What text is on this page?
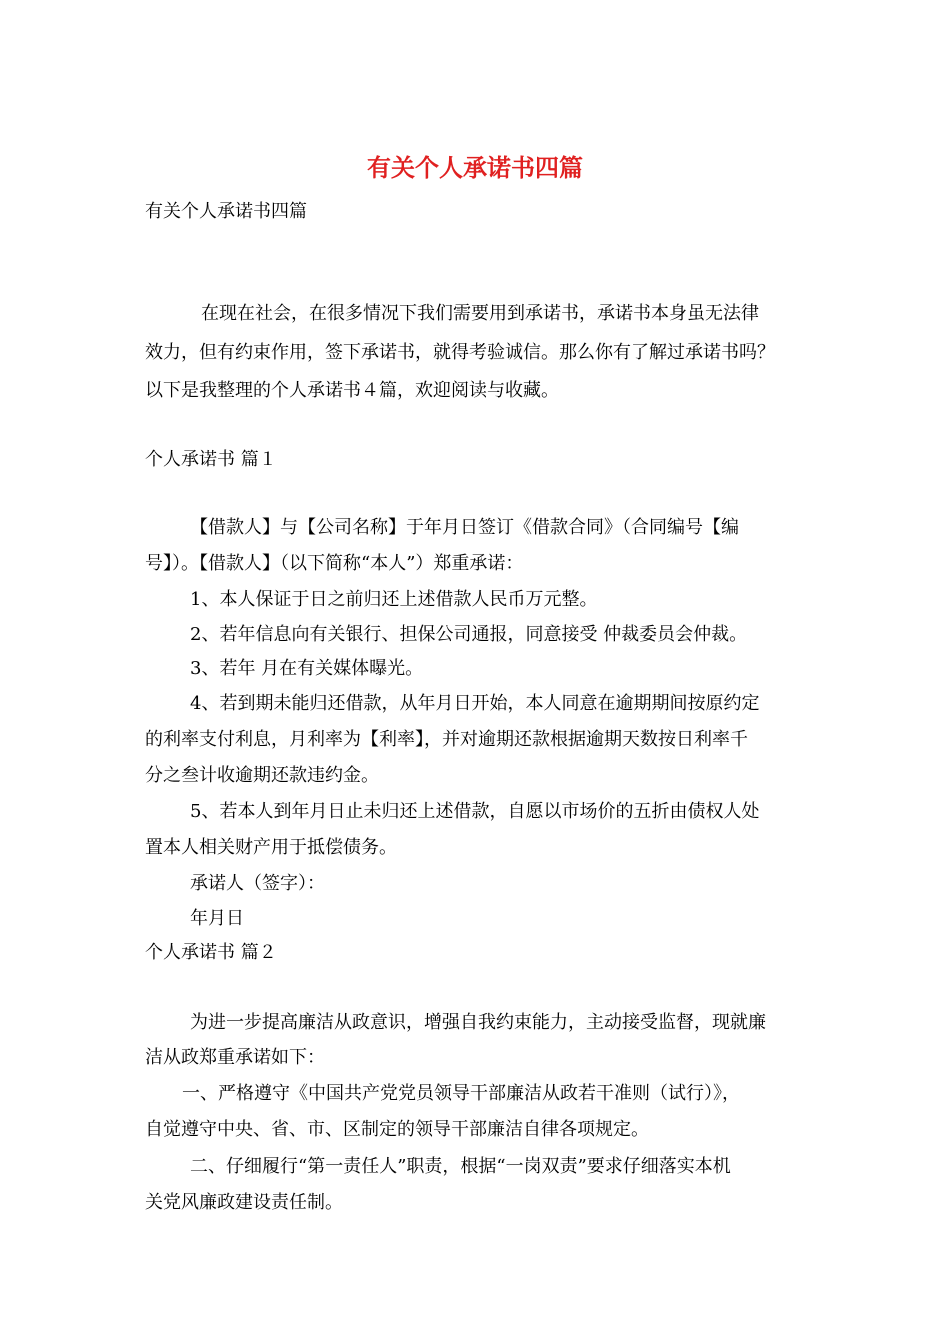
有关个人承诺书四篇

有关个人承诺书四篇

在现在社会，在很多情况下我们需要用到承诺书，承诺书本身虽无法律

效力，但有约束作用，签下承诺书，就得考验诚信。那么你有了解过承诺书吗？

以下是我整理的个人承诺书４篇，欢迎阅读与收藏。

个人承诺书 篇１

【借款人】与【公司名称】于年月日签订《借款合同》（合同编号【编

号】）。【借款人】（以下简称“本人”）郑重承诺：

1、本人保证于日之前归还上述借款人民币万元整。

2、若年信息向有关银行、担保公司通报，同意接受 仲裁委员会仲裁。

3、若年 月在有关媒体曝光。

4、若到期未能归还借款，从年月日开始，本人同意在逾期期间按原约定

的利率支付利息，月利率为【利率】，并对逾期还款根据逾期天数按日利率千

分之叁计收逾期还款违约金。

5、若本人到年月日止未归还上述借款，自愿以市场价的五折由债权人处

置本人相关财产用于抵偿债务。

承诺人（签字）：

年月日

个人承诺书 篇２

为进一步提高廉洁从政意识，增强自我约束能力，主动接受监督，现就廉

洁从政郑重承诺如下：

一、严格遵守《中国共产党党员领导干部廉洁从政若干准则（试行）》，

自觉遵守中央、省、市、区制定的领导干部廉洁自律各项规定。

二、仔细履行“第一责任人”职责，根据“一岗双责”要求仔细落实本机

关党风廉政建设责任制。
